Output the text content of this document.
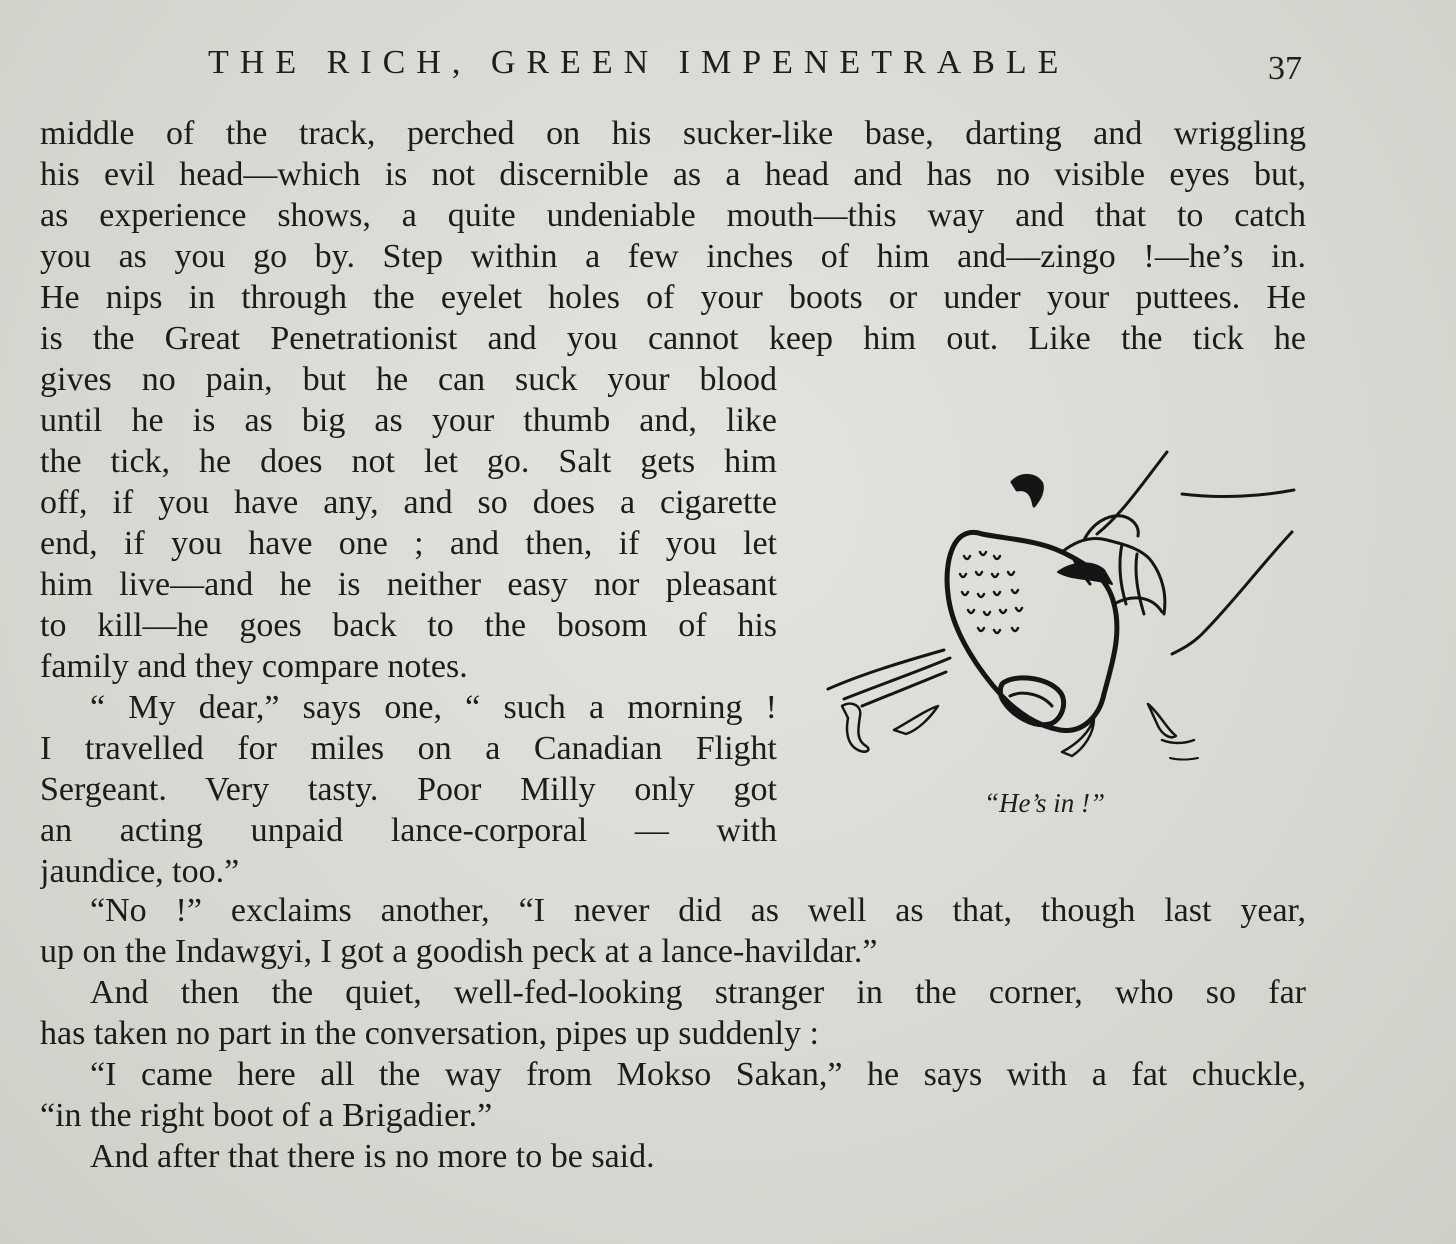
THE RICH, GREEN IMPENETRABLE	37
middle of the track, perched on his sucker-like base, darting and wriggling
his evil head—which is not discernible as a head and has no visible eyes but,
as experience shows, a quite undeniable mouth—this way and that to catch
you as you go by. Step within a few inches of him and—zingo !—he’s in.
He nips in through the eyelet holes of your boots or under your puttees. He
is the Great Penetrationist and you cannot keep him out. Like the tick he
gives no pain, but he can suck your blood
until he is as big as your thumb and, like
the tick, he does not let go. Salt gets him
off, if you have any, and so does a cigarette
end, if you have one ; and then, if you let
him live—and he is neither easy nor pleasant
to kill—he goes back to the bosom of his
family and they compare notes.
“ My dear,” says one, “ such a morning !
I travelled for miles on a Canadian Flight
Sergeant. Very tasty. Poor Milly only got
an acting unpaid lance-corporal — with
jaundice, too.”
“No !” exclaims another, “I never did as well as that, though last year,
up on the Indawgyi, I got a goodish peck at a lance-havildar.”
And then the quiet, well-fed-looking stranger in the corner, who so far
has taken no part in the conversation, pipes up suddenly :
“I came here all the way from Mokso Sakan,” he says with a fat chuckle,
“in the right boot of a Brigadier.”
And after that there is no more to be said.
“He’s in !”
